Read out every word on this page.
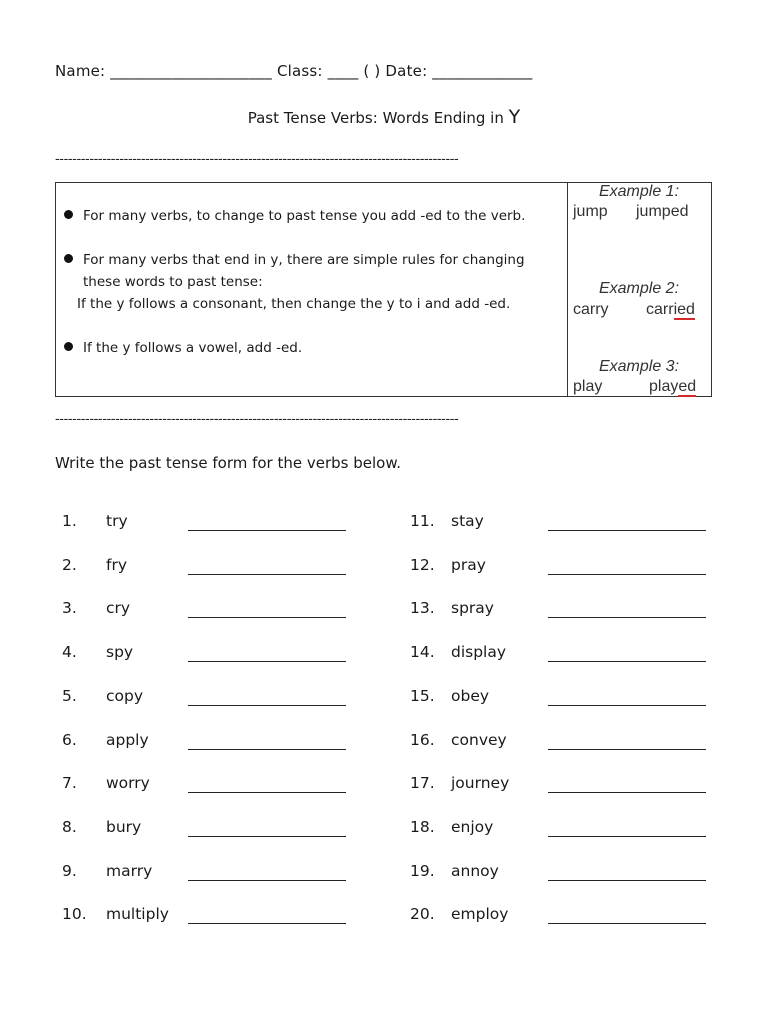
Name: _____________________ Class: ____ ( ) Date: _____________
Past Tense Verbs: Words Ending in Y
----------------------------------------------------------------------------------------------
For many verbs, to change to past tense you add -ed to the verb.
For many verbs that end in y, there are simple rules for changing
these words to past tense:
If the y follows a consonant, then change the y to i and add -ed.
If the y follows a vowel, add -ed.
Example 1:
jump jumped
Example 2:
carry carried
Example 3:
play	played
----------------------------------------------------------------------------------------------
Write the past tense form for the verbs below.
1. try
2. fry
3. cry
4. spy
5. copy
6. apply
7. worry
8. bury
9. marry
10. multiply
11. stay
12. pray
13. spray
14. display
15. obey
16. convey
17. journey
18. enjoy
19. annoy
20. employ
